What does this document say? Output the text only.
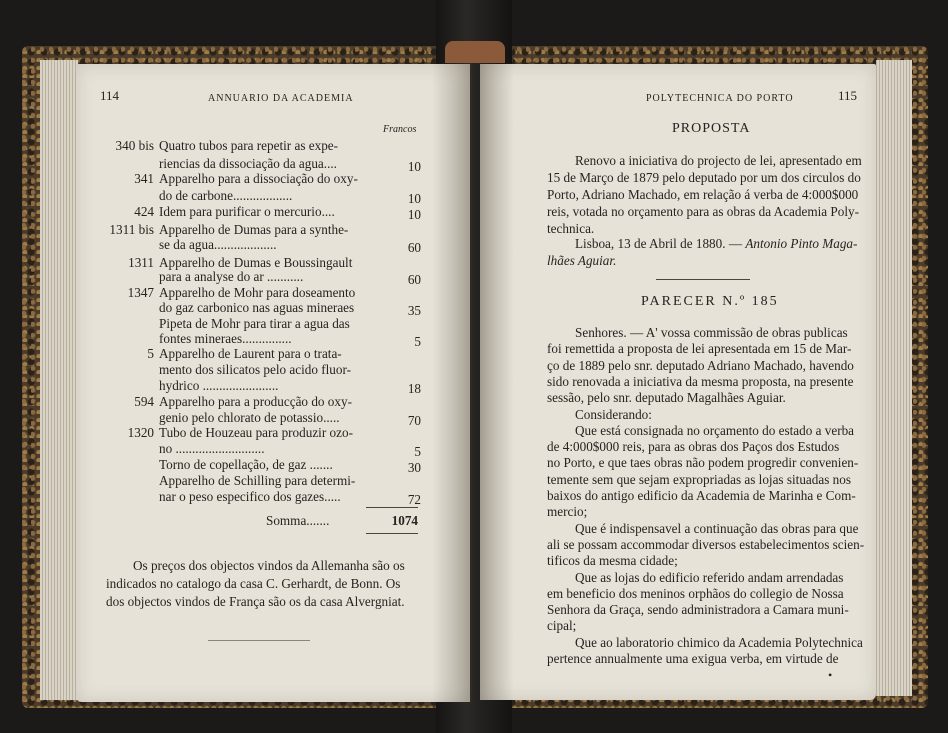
114	ANNUARIO DA ACADEMIA
Francos
340 bis Quatro tubos para repetir as expe-
riencias da dissociação da agua....	10
341 Apparelho para a dissociação do oxy-
do de carbone..................	10
424 Idem para purificar o mercurio....	10
1311 bis Apparelho de Dumas para a synthe-
se da agua...................	60
1311 Apparelho de Dumas e Boussingault
para a analyse do ar ...........	60
1347 Apparelho de Mohr para doseamento
do gaz carbonico nas aguas mineraes	35
Pipeta de Mohr para tirar a agua das
fontes mineraes...............	5
5 Apparelho de Laurent para o trata-
mento dos silicatos pelo acido fluor-
hydrico .......................	18
594 Apparelho para a producção do oxy-
genio pelo chlorato de potassio.....	70
1320 Tubo de Houzeau para produzir ozo-
no ...........................	5
Torno de copellação, de gaz .......	30
Apparelho de Schilling para determi-
nar o peso especifico dos gazes.....	72
Somma.......	1074
Os preços dos objectos vindos da Allemanha são os
indicados no catalogo da casa C. Gerhardt, de Bonn. Os
dos objectos vindos de França são os da casa Alvergniat.
POLYTECHNICA DO PORTO	115
PROPOSTA
Renovo a iniciativa do projecto de lei, apresentado em
15 de Março de 1879 pelo deputado por um dos circulos do
Porto, Adriano Machado, em relação á verba de 4:000$000
reis, votada no orçamento para as obras da Academia Poly-
technica.
Lisboa, 13 de Abril de 1880. — Antonio Pinto Maga-
lhães Aguiar.
PARECER N.º 185
Senhores. — A' vossa commissão de obras publicas
foi remettida a proposta de lei apresentada em 15 de Mar-
ço de 1889 pelo snr. deputado Adriano Machado, havendo
sido renovada a iniciativa da mesma proposta, na presente
sessão, pelo snr. deputado Magalhães Aguiar.
Considerando:
Que está consignada no orçamento do estado a verba
de 4:000$000 reis, para as obras dos Paços dos Estudos
no Porto, e que taes obras não podem progredir convenien-
temente sem que sejam expropriadas as lojas situadas nos
baixos do antigo edificio da Academia de Marinha e Com-
mercio;
Que é indispensavel a continuação das obras para que
ali se possam accommodar diversos estabelecimentos scien-
tificos da mesma cidade;
Que as lojas do edificio referido andam arrendadas
em beneficio dos meninos orphãos do collegio de Nossa
Senhora da Graça, sendo administradora a Camara muni-
cipal;
Que ao laboratorio chimico da Academia Polytechnica
pertence annualmente uma exigua verba, em virtude de
•
